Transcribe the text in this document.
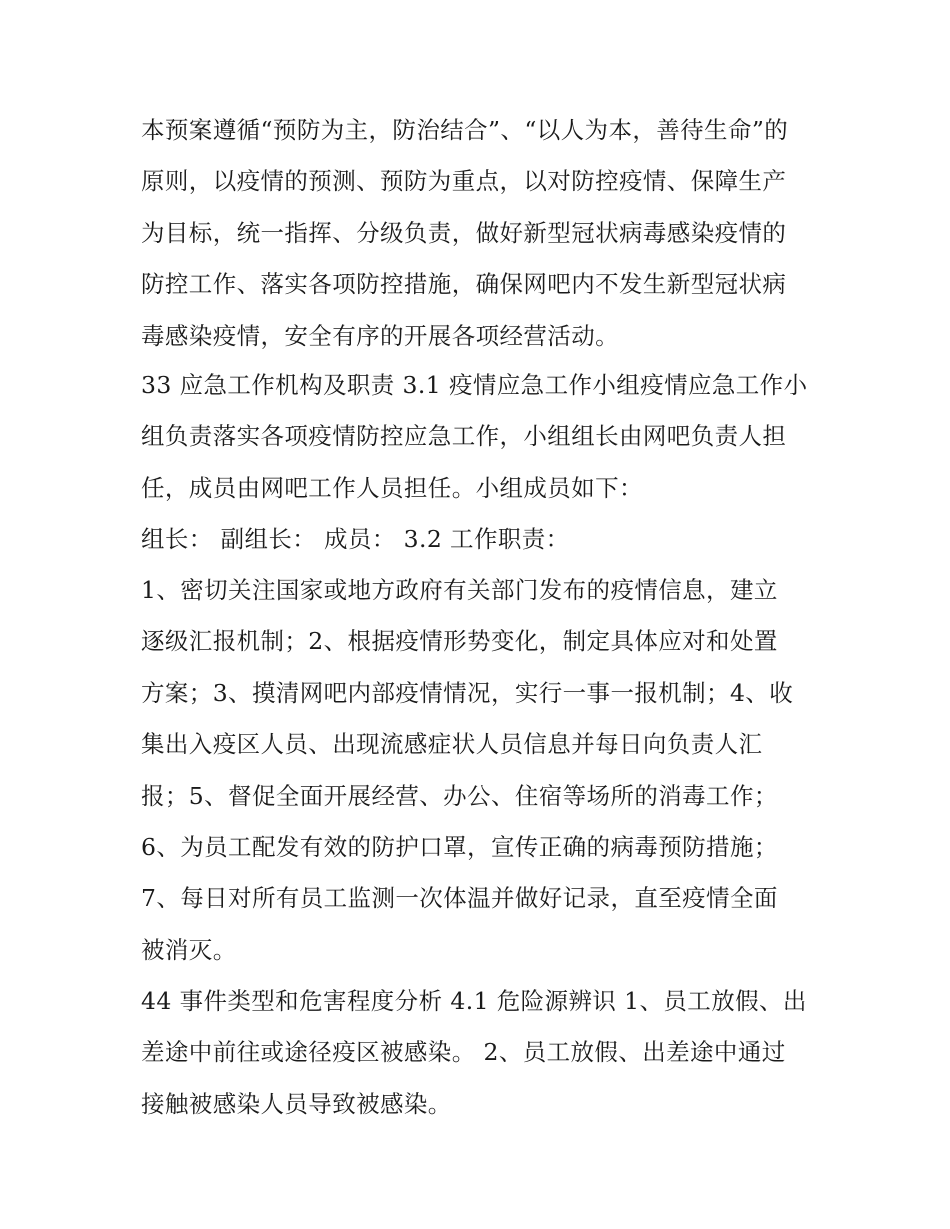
本预案遵循“预防为主，防治结合”、“以人为本，善待生命”的
原则，以疫情的预测、预防为重点，以对防控疫情、保障生产
为目标，统一指挥、分级负责，做好新型冠状病毒感染疫情的
防控工作、落实各项防控措施，确保网吧内不发生新型冠状病
毒感染疫情，安全有序的开展各项经营活动。
33 应急工作机构及职责 3.1 疫情应急工作小组疫情应急工作小
组负责落实各项疫情防控应急工作，小组组长由网吧负责人担
任，成员由网吧工作人员担任。小组成员如下：
组长： 副组长： 成员： 3.2 工作职责：
1、密切关注国家或地方政府有关部门发布的疫情信息，建立
逐级汇报机制；2、根据疫情形势变化，制定具体应对和处置
方案；3、摸清网吧内部疫情情况，实行一事一报机制；4、收
集出入疫区人员、出现流感症状人员信息并每日向负责人汇
报；5、督促全面开展经营、办公、住宿等场所的消毒工作；
6、为员工配发有效的防护口罩，宣传正确的病毒预防措施；
7、每日对所有员工监测一次体温并做好记录，直至疫情全面
被消灭。
44 事件类型和危害程度分析 4.1 危险源辨识 1、员工放假、出
差途中前往或途径疫区被感染。 2、员工放假、出差途中通过
接触被感染人员导致被感染。
